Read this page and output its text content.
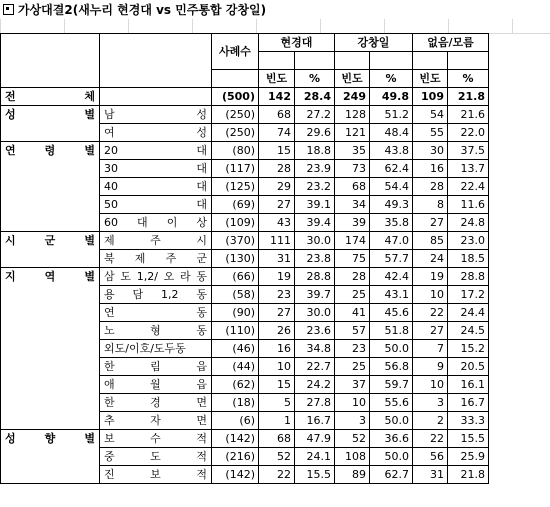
가상대결2(새누리 현경대 vs 민주통합 강창일)
		사례수	현경대		강창일		없음/모름	

			빈도	%	빈도	%	빈도	%
전 체		(500)	142	28.4	249	49.8	109	21.8
성 별	남 성	(250)	68	27.2	128	51.2	54	21.6
	여 성	(250)	74	29.6	121	48.4	55	22.0
연 령 별	20 대	(80)	15	18.8	35	43.8	30	37.5
	30 대	(117)	28	23.9	73	62.4	16	13.7
	40 대	(125)	29	23.2	68	54.4	28	22.4
	50 대	(69)	27	39.1	34	49.3	8	11.6
	60 대 이 상	(109)	43	39.4	39	35.8	27	24.8
시 군 별	제 주 시	(370)	111	30.0	174	47.0	85	23.0
	북 제 주 군	(130)	31	23.8	75	57.7	24	18.5
지 역 별	삼 도 1,2/ 오 라 동	(66)	19	28.8	28	42.4	19	28.8
	용 담 1,2 동	(58)	23	39.7	25	43.1	10	17.2
	연 동	(90)	27	30.0	41	45.6	22	24.4
	노 형 동	(110)	26	23.6	57	51.8	27	24.5
	외도/이호/도두동	(46)	16	34.8	23	50.0	7	15.2
	한 림 읍	(44)	10	22.7	25	56.8	9	20.5
	애 월 읍	(62)	15	24.2	37	59.7	10	16.1
	한 경 면	(18)	5	27.8	10	55.6	3	16.7
	추 자 면	(6)	1	16.7	3	50.0	2	33.3
성 향 별	보 수 적	(142)	68	47.9	52	36.6	22	15.5
	중 도 적	(216)	52	24.1	108	50.0	56	25.9
	진 보 적	(142)	22	15.5	89	62.7	31	21.8
